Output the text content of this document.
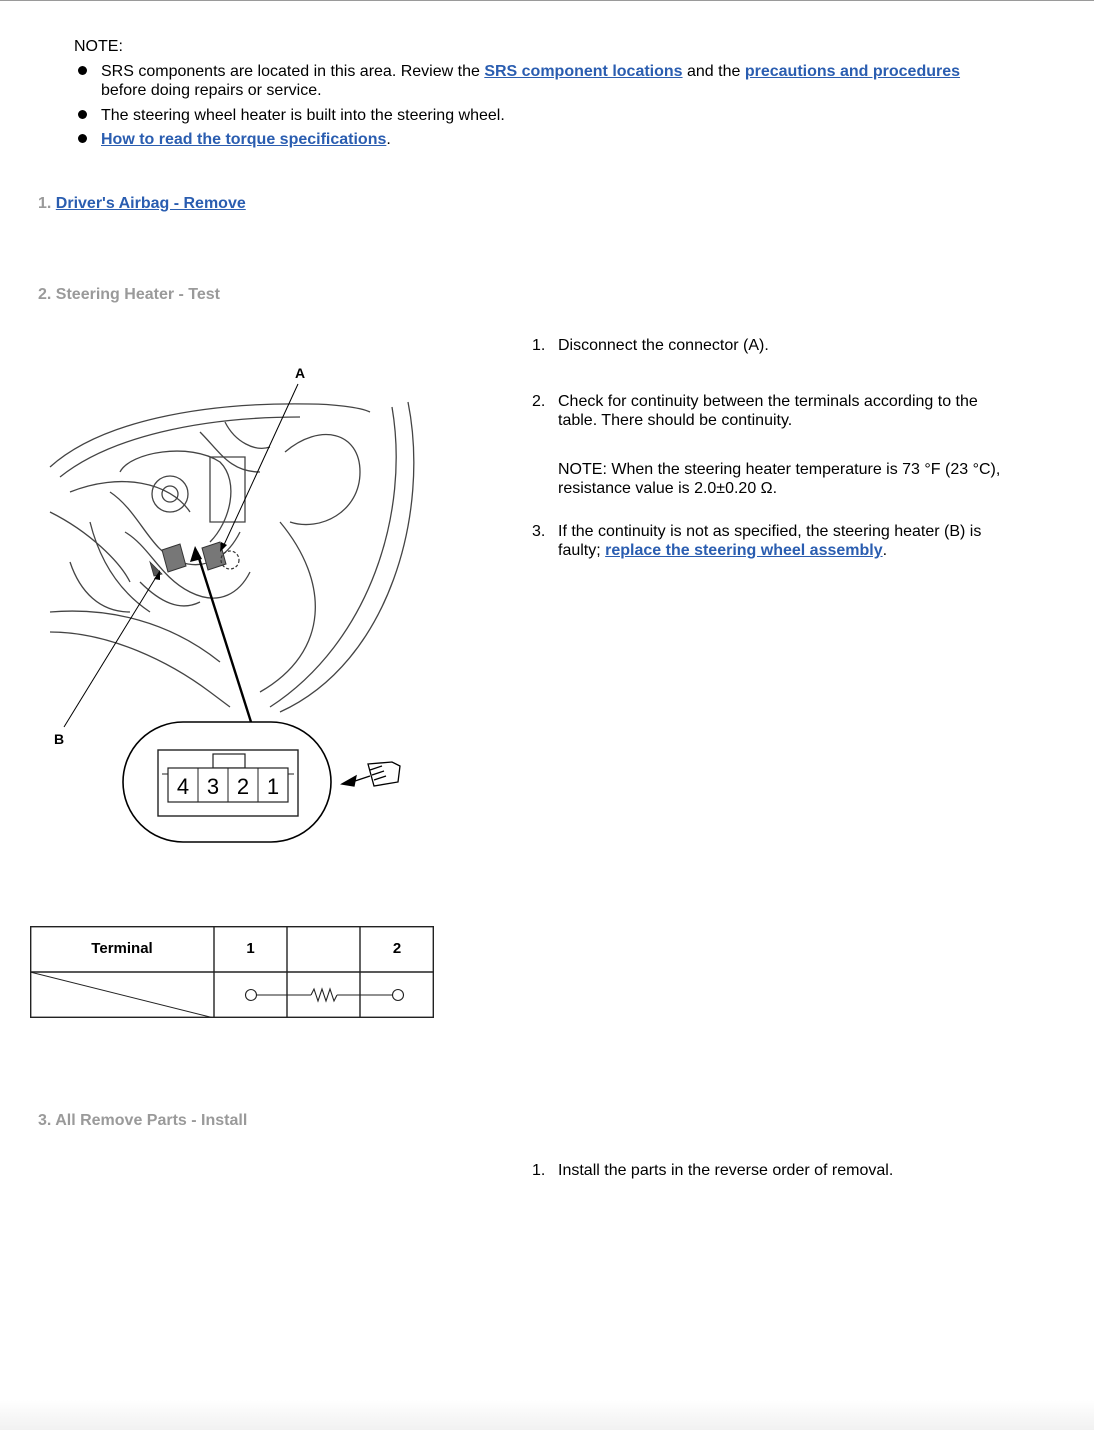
NOTE:
SRS components are located in this area. Review the SRS component locations and the precautions and procedures
before doing repairs or service.
The steering wheel heater is built into the steering wheel.
How to read the torque specifications.
1. Driver's Airbag - Remove
2. Steering Heater - Test
1. Disconnect the connector (A).
2. Check for continuity between the terminals according to the table. There should be continuity.
NOTE: When the steering heater temperature is 73 °F (23 °C), resistance value is 2.0±0.20 Ω.
3. If the continuity is not as specified, the steering heater (B) is faulty; replace the steering wheel assembly.
A
B
4 3 2 1
Terminal	1	2
3. All Remove Parts - Install
1. Install the parts in the reverse order of removal.
